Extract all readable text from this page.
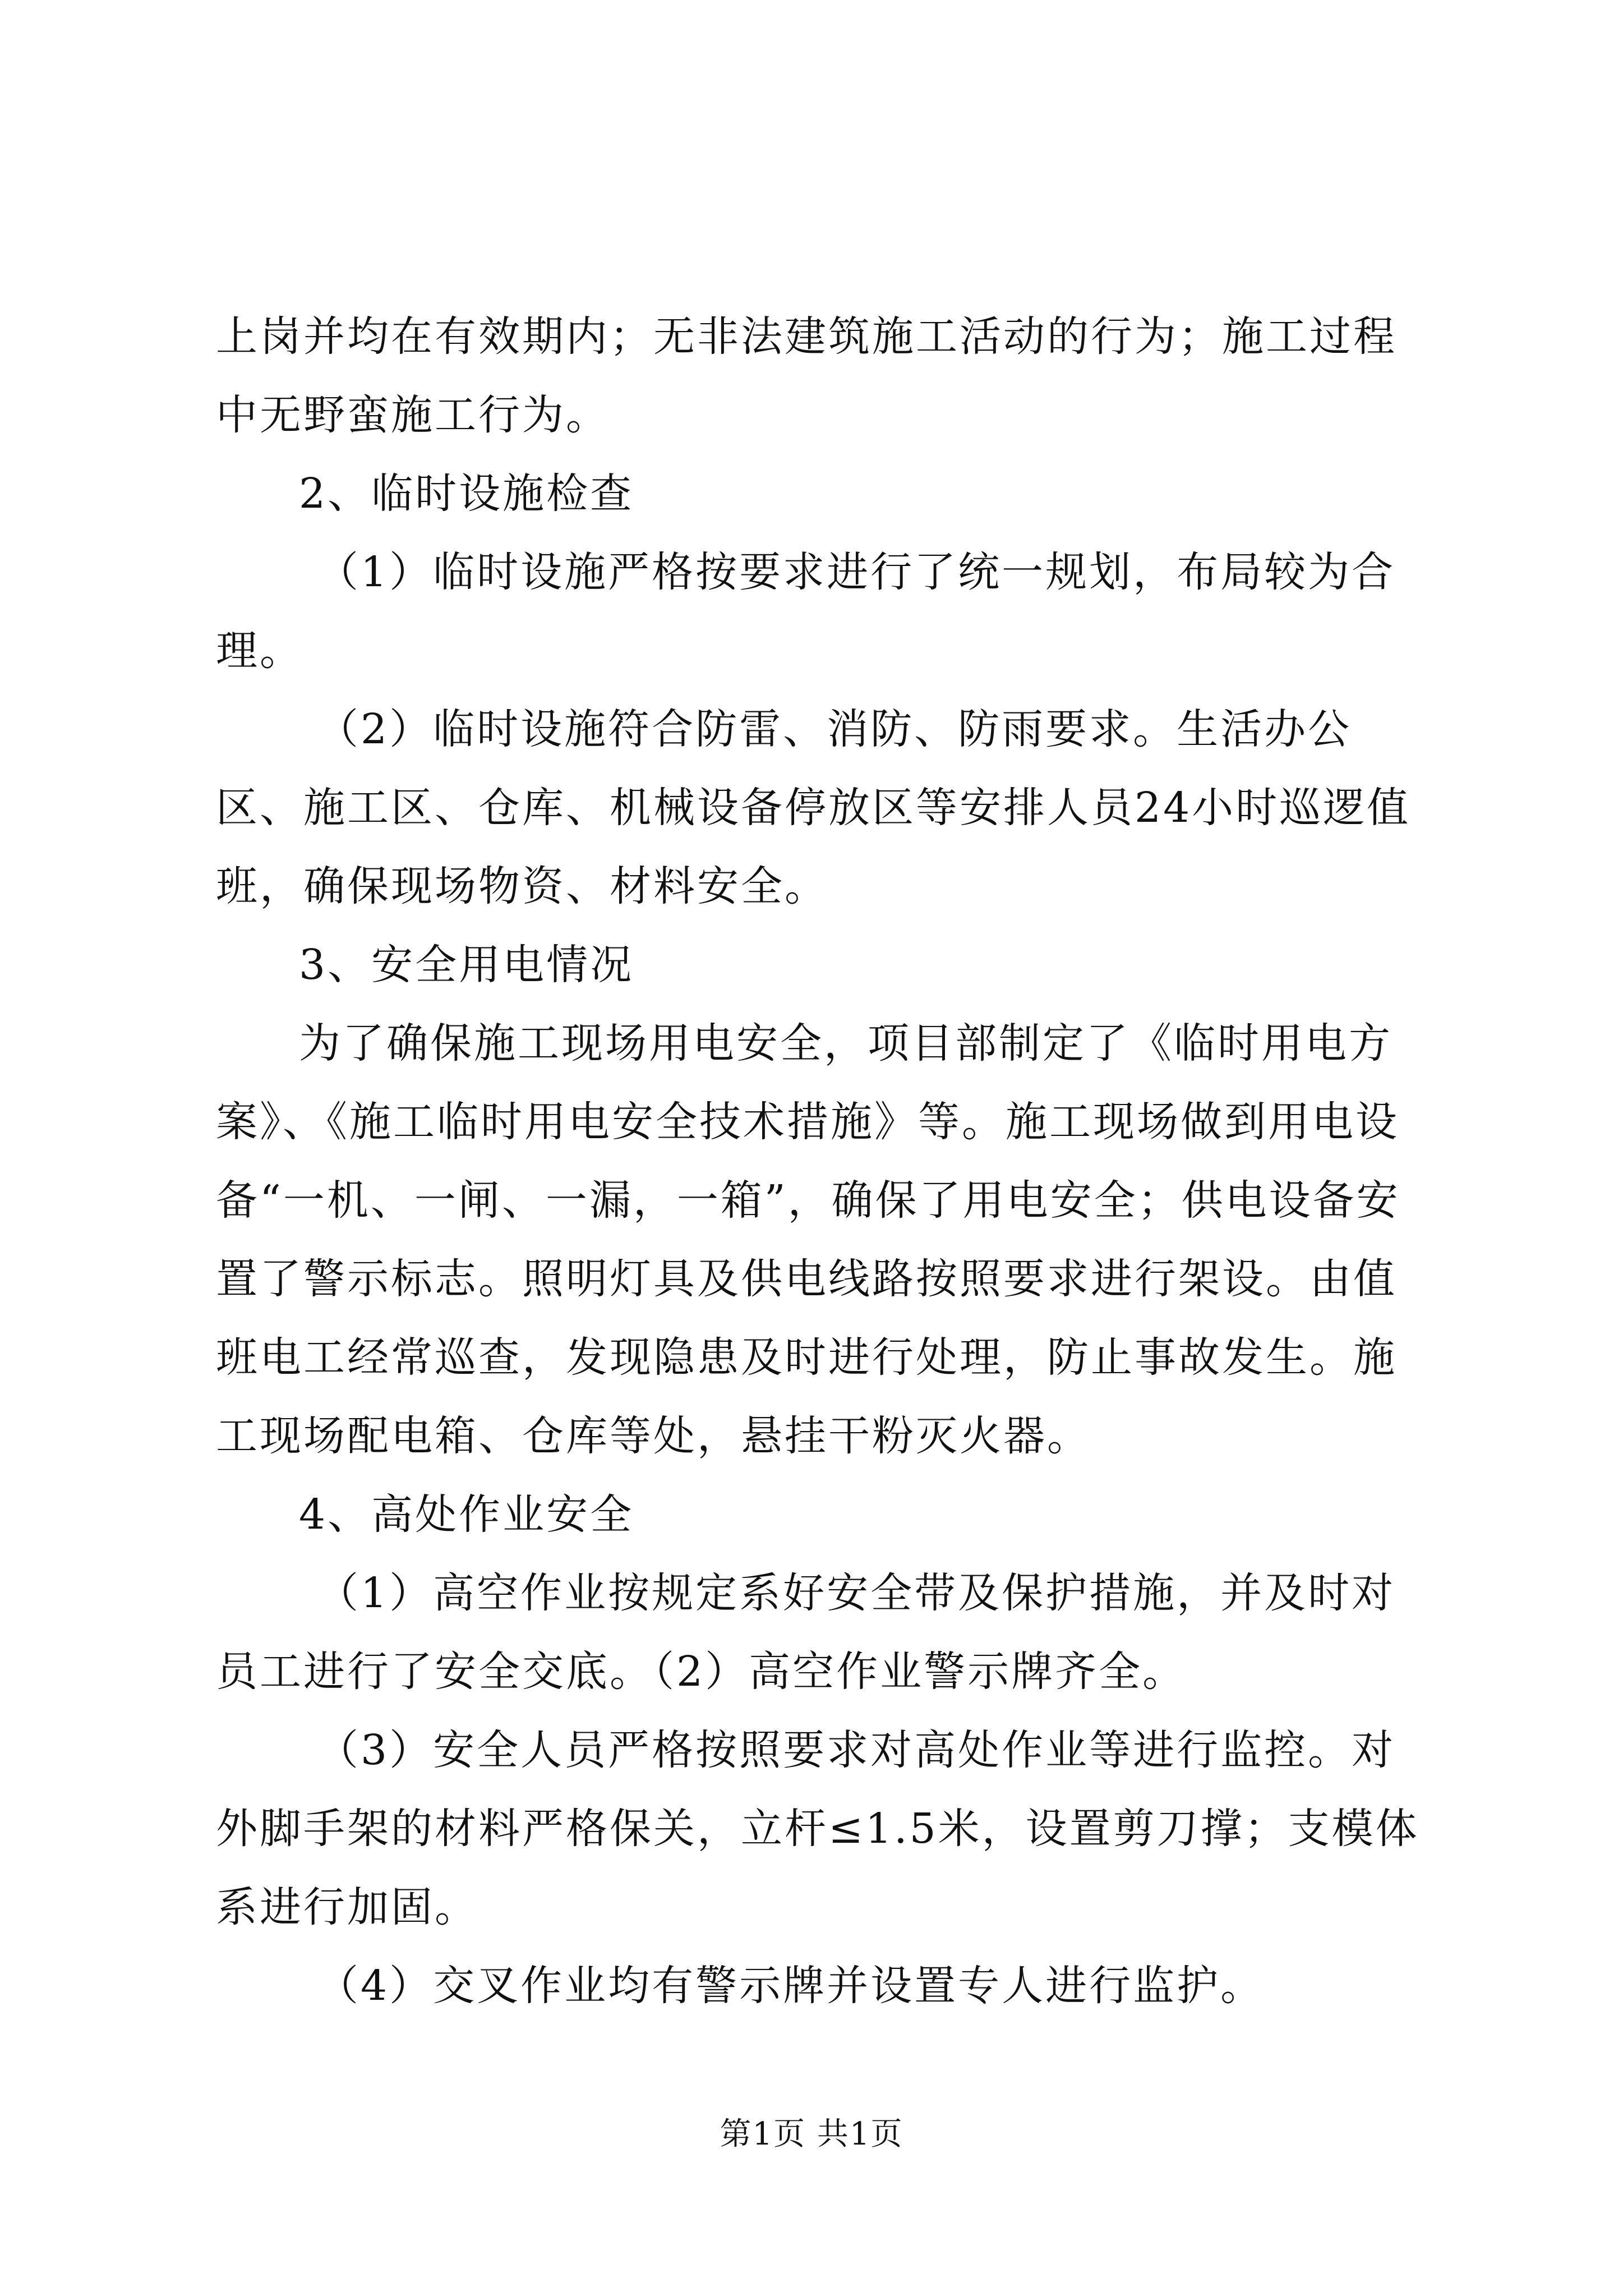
上岗并均在有效期内；无非法建筑施工活动的行为；施工过程中无野蛮施工行为。

2、临时设施检查

（1）临时设施严格按要求进行了统一规划，布局较为合理。

（2）临时设施符合防雷、消防、防雨要求。生活办公区、施工区、仓库、机械设备停放区等安排人员24小时巡逻值班，确保现场物资、材料安全。

3、安全用电情况

为了确保施工现场用电安全，项目部制定了《临时用电方案》、《施工临时用电安全技术措施》等。施工现场做到用电设备“一机、一闸、一漏，一箱”，确保了用电安全；供电设备安置了警示标志。照明灯具及供电线路按照要求进行架设。由值班电工经常巡查，发现隐患及时进行处理，防止事故发生。施工现场配电箱、仓库等处，悬挂干粉灭火器。

4、高处作业安全

（1）高空作业按规定系好安全带及保护措施，并及时对员工进行了安全交底。（2）高空作业警示牌齐全。

（3）安全人员严格按照要求对高处作业等进行监控。对外脚手架的材料严格保关，立杆≤1.5米，设置剪刀撑；支模体系进行加固。

（4）交叉作业均有警示牌并设置专人进行监护。

第1页 共1页
